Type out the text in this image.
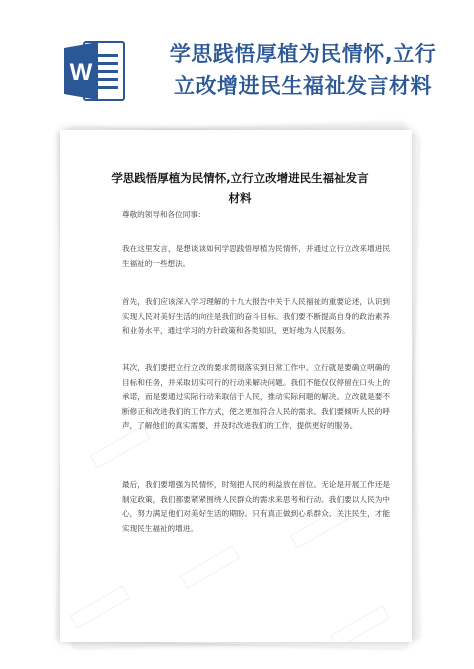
W
学思践悟厚植为民情怀,立行
立改增进民生福祉发言材料
学思践悟厚植为民情怀,立行立改增进民生福祉发言
材料

尊敬的领导和各位同事:

我在这里发言，是想谈谈如何学思践悟厚植为民情怀，并通过立行立改来增进民生福祉的一些想法。

首先，我们应该深入学习理解的十九大报告中关于人民福祉的重要论述，认识到实现人民对美好生活的向往是我们的奋斗目标。我们要不断提高自身的政治素养和业务水平，通过学习的方针政策和各类知识，更好地为人民服务。

其次，我们要把立行立改的要求贯彻落实到日常工作中。立行就是要确立明确的目标和任务，并采取切实可行的行动来解决问题。我们不能仅仅停留在口头上的承诺，而是要通过实际行动来取信于人民，推动实际问题的解决。立改就是要不断修正和改进我们的工作方式，使之更加符合人民的需求。我们要倾听人民的呼声，了解他们的真实需要，并及时改进我们的工作，提供更好的服务。

最后，我们要增强为民情怀，时刻把人民的利益放在首位。无论是开展工作还是制定政策，我们都要紧紧围绕人民群众的需求来思考和行动。我们要以人民为中心，努力满足他们对美好生活的期盼。只有真正做到心系群众、关注民生，才能实现民生福祉的增进。
